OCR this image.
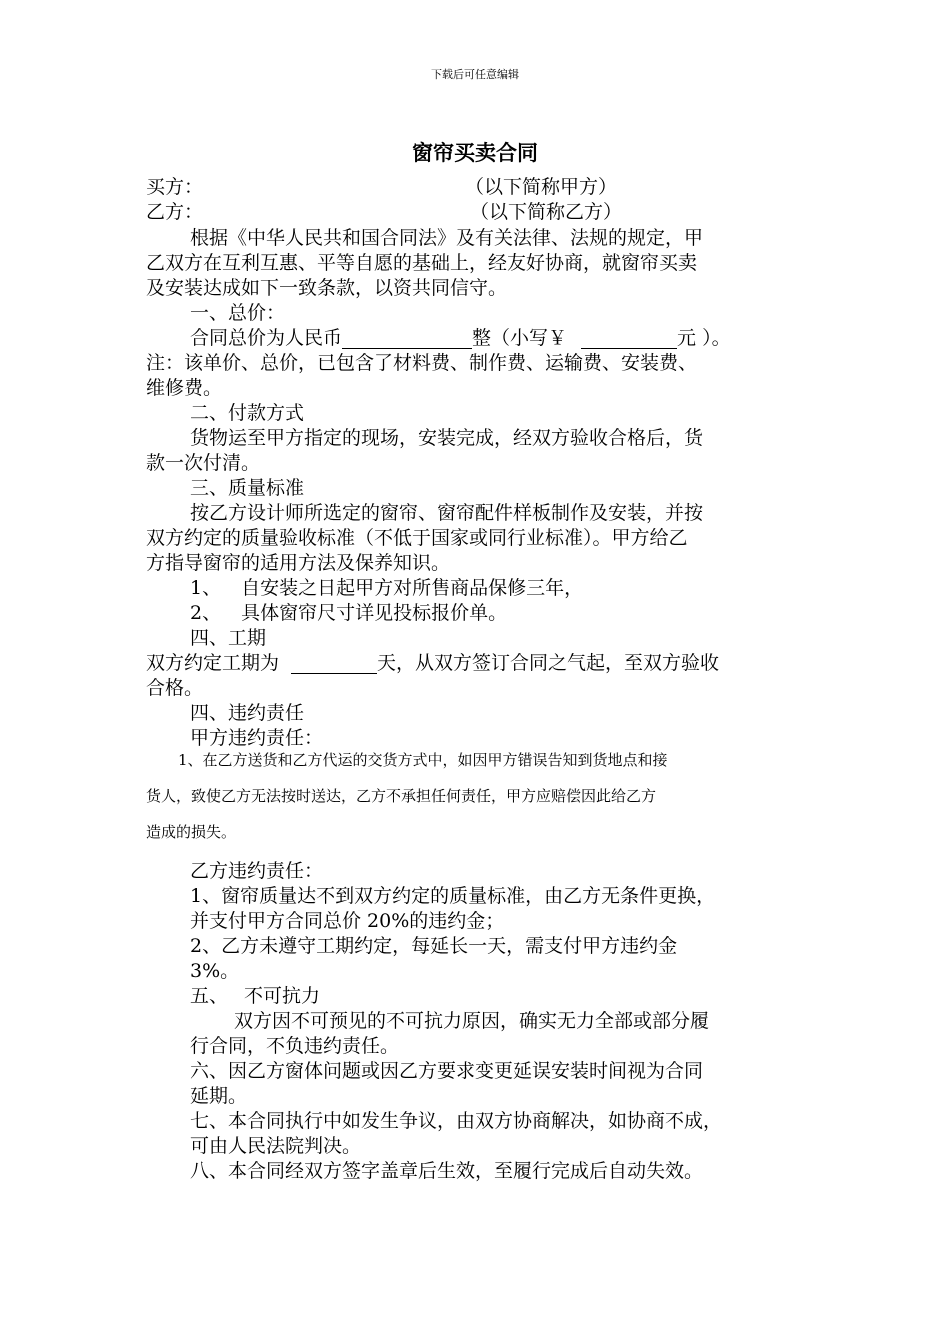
下载后可任意编辑
窗帘买卖合同
买方：	（以下简称甲方）
乙方：	（以下简称乙方）
根据《中华人民共和国合同法》及有关法律、法规的规定，甲
乙双方在互利互惠、平等自愿的基础上，经友好协商，就窗帘买卖
及安装达成如下一致条款，以资共同信守。
一、总价：
合同总价为人民币	整（小写￥	元 ）。
注：该单价、总价，已包含了材料费、制作费、运输费、安装费、
维修费。
二、付款方式
货物运至甲方指定的现场，安装完成，经双方验收合格后，货
款一次付清。
三、质量标准
按乙方设计师所选定的窗帘、窗帘配件样板制作及安装，并按
双方约定的质量验收标准（不低于国家或同行业标准）。甲方给乙
方指导窗帘的适用方法及保养知识。
1、 自安装之日起甲方对所售商品保修三年，
2、 具体窗帘尺寸详见投标报价单。
四、工期
双方约定工期为	天，从双方签订合同之气起，至双方验收
合格。
四、违约责任
甲方违约责任：
1、在乙方送货和乙方代运的交货方式中，如因甲方错误告知到货地点和接
货人，致使乙方无法按时送达，乙方不承担任何责任，甲方应赔偿因此给乙方
造成的损失。
乙方违约责任：
1、窗帘质量达不到双方约定的质量标准，由乙方无条件更换，
并支付甲方合同总价 20%的违约金；
2、乙方未遵守工期约定，每延长一天，需支付甲方违约金
3%。
五、 不可抗力
双方因不可预见的不可抗力原因，确实无力全部或部分履
行合同，不负违约责任。
六、因乙方窗体问题或因乙方要求变更延误安装时间视为合同
延期。
七、本合同执行中如发生争议，由双方协商解决，如协商不成，
可由人民法院判决。
八、本合同经双方签字盖章后生效，至履行完成后自动失效。
